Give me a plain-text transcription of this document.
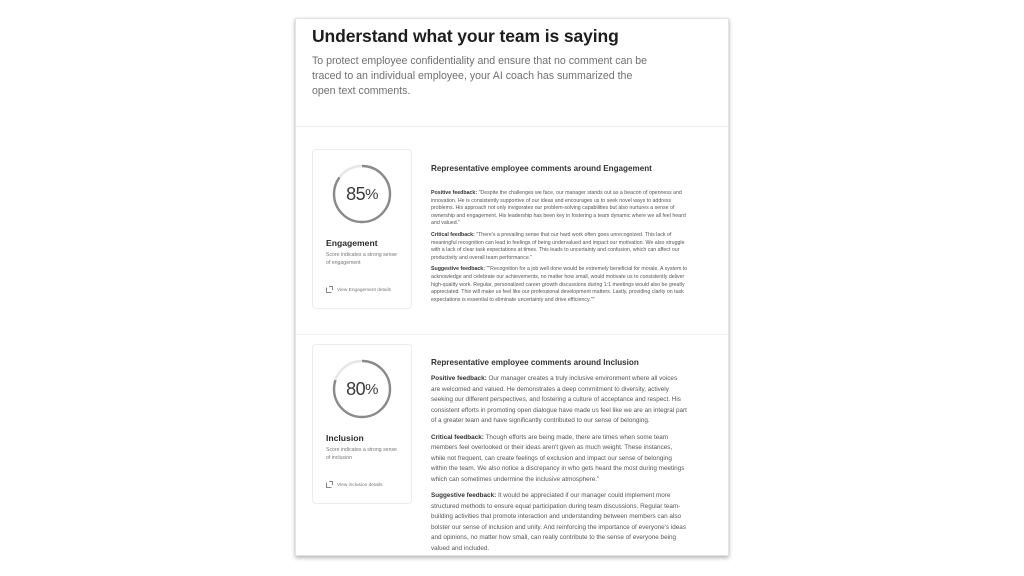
Understand what your team is saying

To protect employee confidentiality and ensure that no comment can be traced to an individual employee, your AI coach has summarized the open text comments.

85 %
Engagement
Score indicates a strong sense of engagement
View Engagement details
Representative employee comments around Engagement

Positive feedback: "Despite the challenges we face, our manager stands out as a beacon of openness and innovation. He is consistently supportive of our ideas and encourages us to seek novel ways to address problems. His approach not only invigorates our problem-solving capabilities but also nurtures a sense of ownership and engagement. His leadership has been key in fostering a team dynamic where we all feel heard and valued."

Critical feedback: "There's a prevailing sense that our hard work often goes unrecognized. This lack of meaningful recognition can lead to feelings of being undervalued and impact our motivation. We also struggle with a lack of clear task expectations at times. This leads to uncertainty and confusion, which can affect our productivity and overall team performance."

Suggestive feedback: ""Recognition for a job well done would be extremely beneficial for morale. A system to acknowledge and celebrate our achievements, no matter how small, would motivate us to consistently deliver high-quality work. Regular, personalized career growth discussions during 1:1 meetings would also be greatly appreciated. This will make us feel like our professional development matters. Lastly, providing clarity on task expectations is essential to eliminate uncertainty and drive efficiency.""

80 %
Inclusion
Score indicates a strong sense of inclusion
View inclusion details
Representative employee comments around Inclusion

Positive feedback: Our manager creates a truly inclusive environment where all voices are welcomed and valued. He demonstrates a deep commitment to diversity, actively seeking our different perspectives, and fostering a culture of acceptance and respect. His consistent efforts in promoting open dialogue have made us feel like we are an integral part of a greater team and have significantly contributed to our sense of belonging.

Critical feedback: Though efforts are being made, there are times when some team members feel overlooked or their ideas aren't given as much weight. These instances, while not frequent, can create feelings of exclusion and impact our sense of belonging within the team. We also notice a discrepancy in who gets heard the most during meetings which can sometimes undermine the inclusive atmosphere."

Suggestive feedback: It would be appreciated if our manager could implement more structured methods to ensure equal participation during team discussions. Regular team-building activities that promote interaction and understanding between members can also bolster our sense of inclusion and unity. And reinforcing the importance of everyone's ideas and opinions, no matter how small, can really contribute to the sense of everyone being valued and included.
